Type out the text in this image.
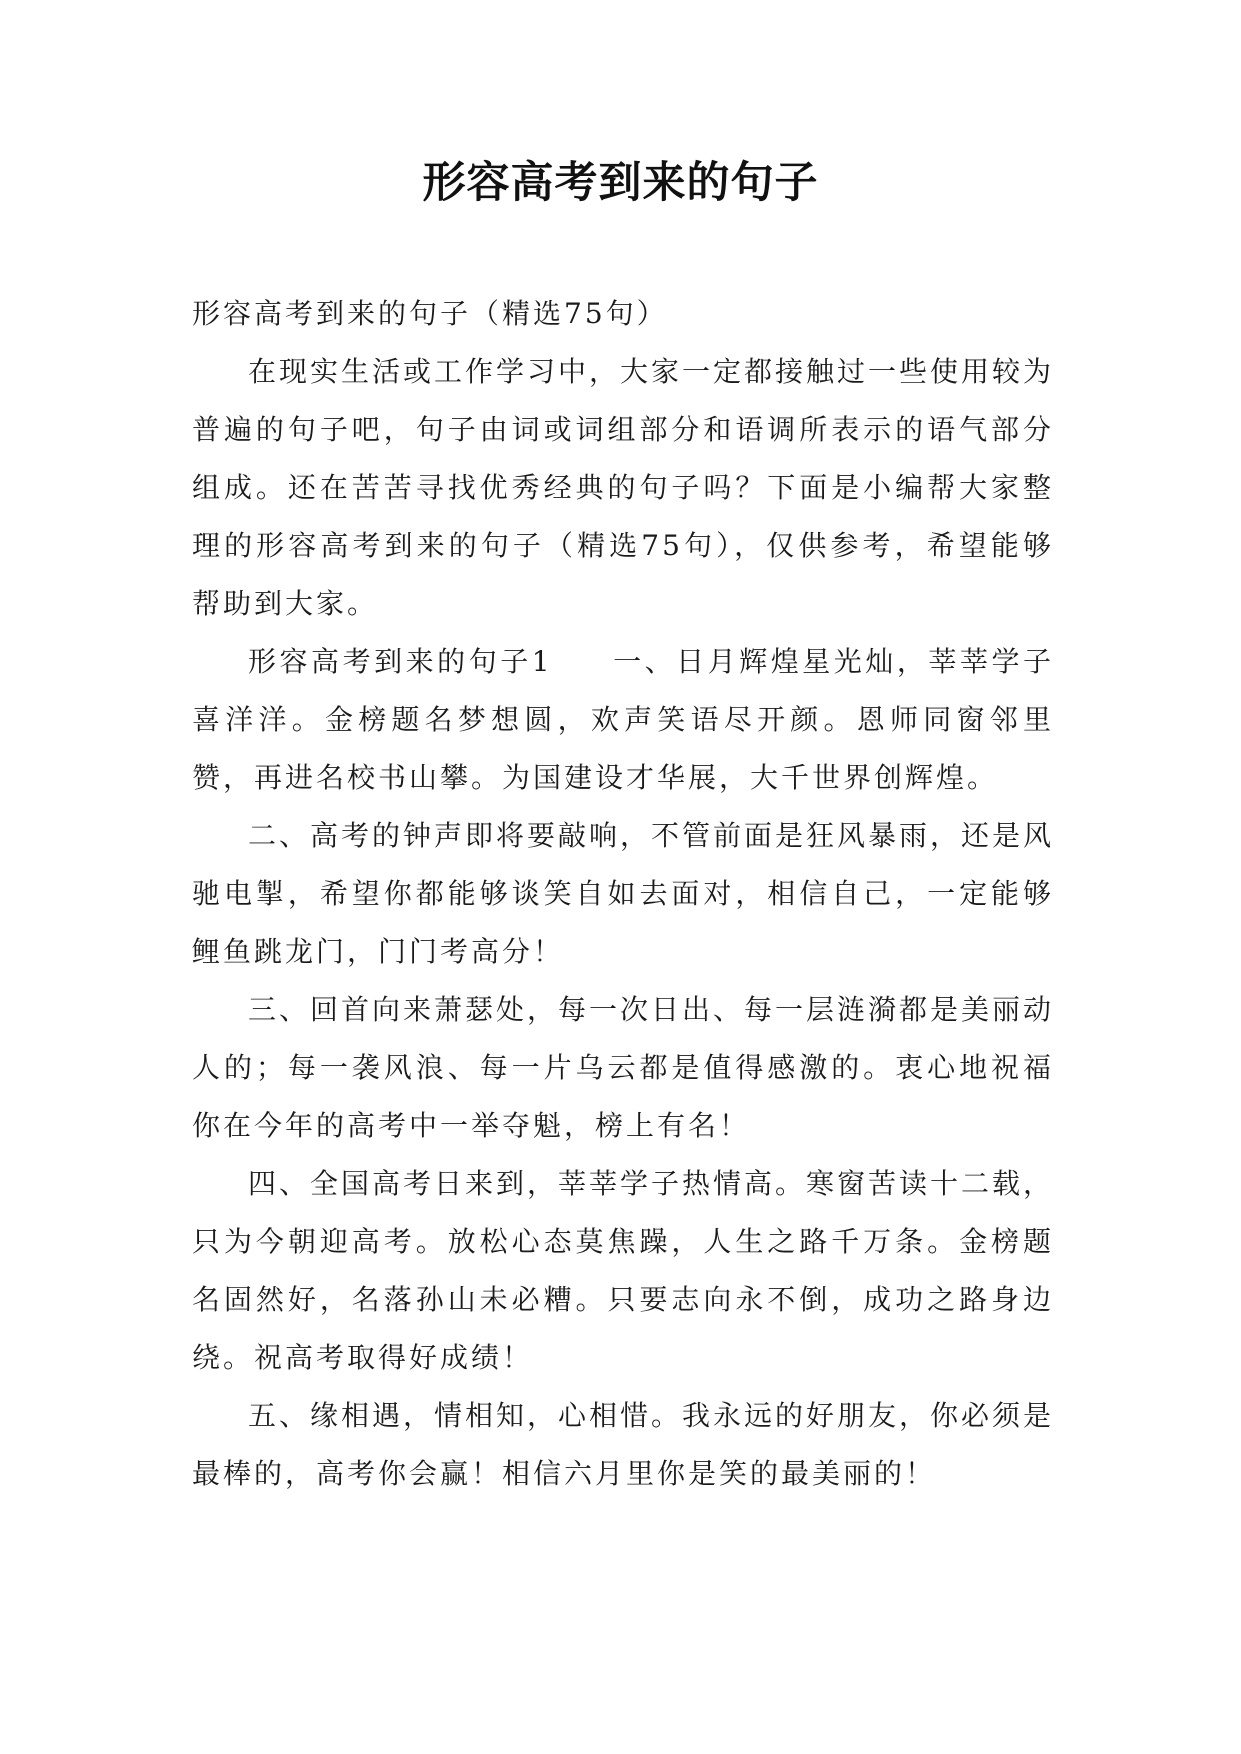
形容高考到来的句子

形容高考到来的句子（精选75句）

在现实生活或工作学习中，大家一定都接触过一些使用较为普遍的句子吧，句子由词或词组部分和语调所表示的语气部分组成。还在苦苦寻找优秀经典的句子吗？下面是小编帮大家整理的形容高考到来的句子（精选75句），仅供参考，希望能够帮助到大家。

形容高考到来的句子1 一、日月辉煌星光灿，莘莘学子喜洋洋。金榜题名梦想圆，欢声笑语尽开颜。恩师同窗邻里赞，再进名校书山攀。为国建设才华展，大千世界创辉煌。

二、高考的钟声即将要敲响，不管前面是狂风暴雨，还是风驰电掣，希望你都能够谈笑自如去面对，相信自己，一定能够鲤鱼跳龙门，门门考高分！

三、回首向来萧瑟处，每一次日出、每一层涟漪都是美丽动人的；每一袭风浪、每一片乌云都是值得感激的。衷心地祝福你在今年的高考中一举夺魁，榜上有名！

四、全国高考日来到，莘莘学子热情高。寒窗苦读十二载，只为今朝迎高考。放松心态莫焦躁，人生之路千万条。金榜题名固然好，名落孙山未必糟。只要志向永不倒，成功之路身边绕。祝高考取得好成绩！

五、缘相遇，情相知，心相惜。我永远的好朋友，你必须是最棒的，高考你会赢！相信六月里你是笑的最美丽的！
